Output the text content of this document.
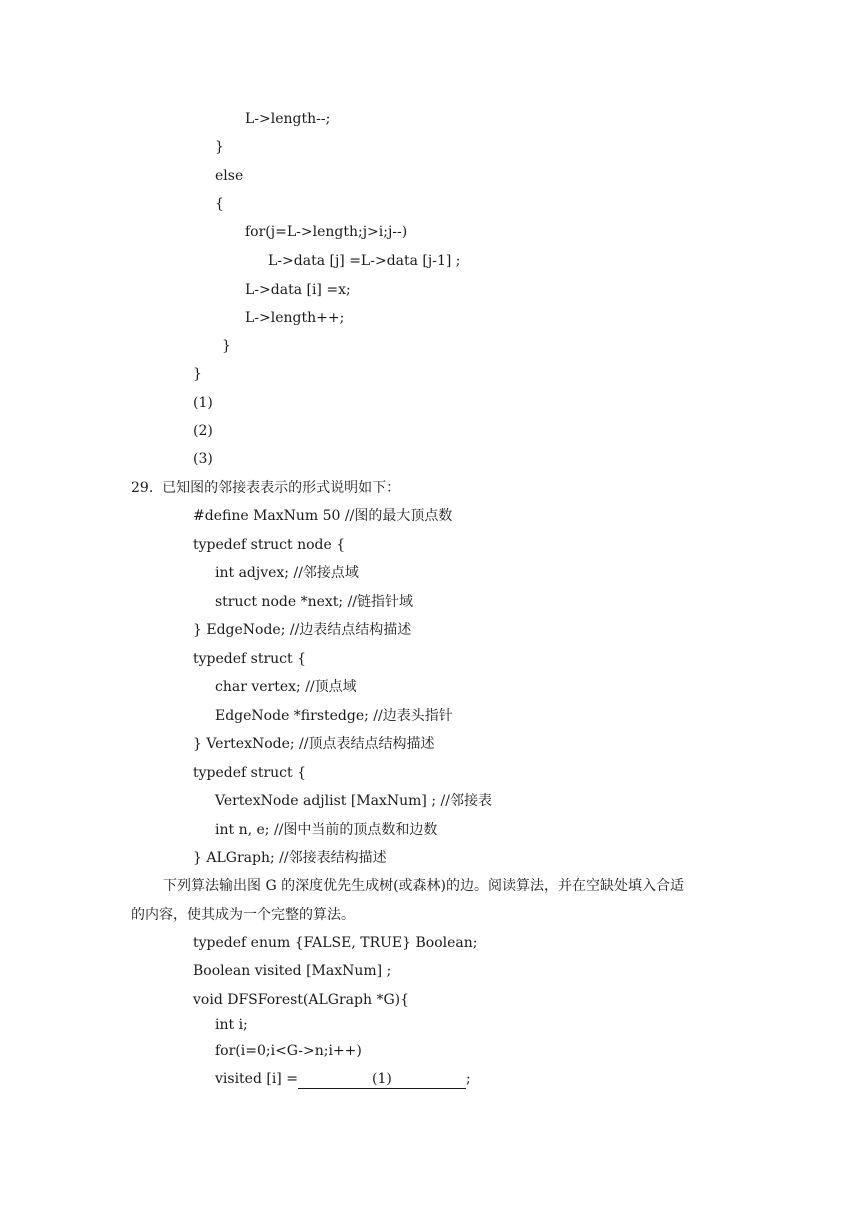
L->length--;
}
else
{
for(j=L->length;j>i;j--)
L->data [j] =L->data [j-1] ;
L->data [i] =x;
L->length++;
}
}
(1)
(2)
(3)
29.  已知图的邻接表表示的形式说明如下：
#define MaxNum 50 //图的最大顶点数
typedef struct node {
int adjvex; //邻接点域
struct node *next; //链指针域
} EdgeNode; //边表结点结构描述
typedef struct {
char vertex; //顶点域
EdgeNode *firstedge; //边表头指针
} VertexNode; //顶点表结点结构描述
typedef struct {
VertexNode adjlist [MaxNum] ; //邻接表
int n, e; //图中当前的顶点数和边数
} ALGraph; //邻接表结构描述
下列算法输出图 G 的深度优先生成树(或森林)的边。阅读算法，并在空缺处填入合适
的内容，使其成为一个完整的算法。
typedef enum {FALSE, TRUE} Boolean;
Boolean visited [MaxNum] ;
void DFSForest(ALGraph *G){
int i;
for(i=0;i<G->n;i++)
visited [i] =	(1)	;
